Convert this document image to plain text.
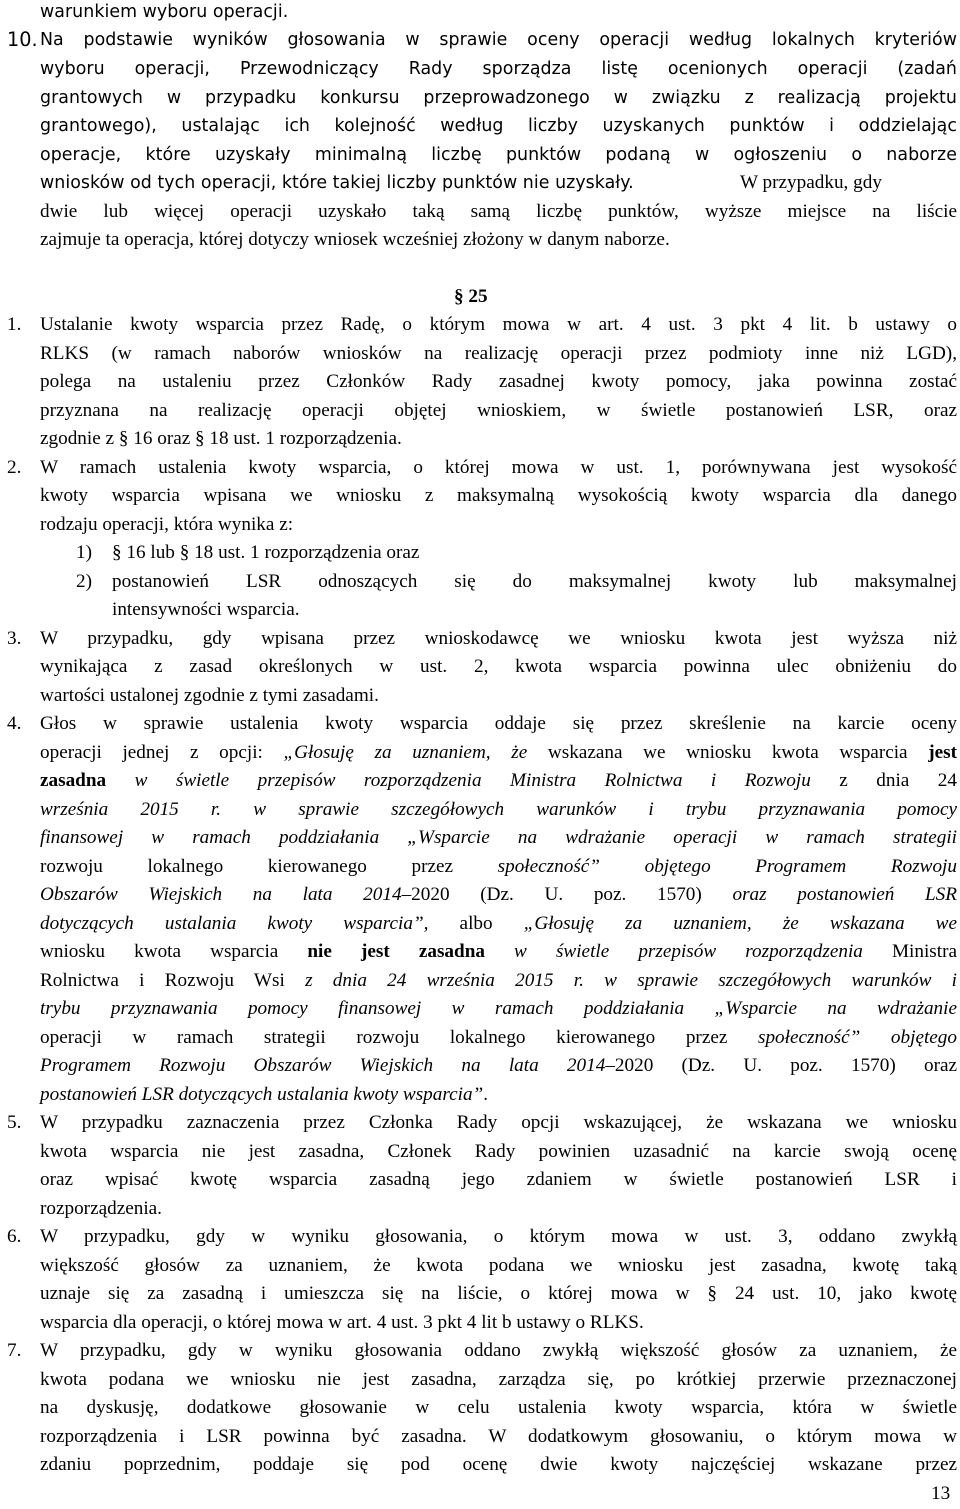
warunkiem wyboru operacji.
10. Na podstawie wyników głosowania w sprawie oceny operacji według lokalnych kryteriów
wyboru operacji, Przewodniczący Rady sporządza listę ocenionych operacji (zadań
grantowych w przypadku konkursu przeprowadzonego w związku z realizacją projektu
grantowego), ustalając ich kolejność według liczby uzyskanych punktów i oddzielając
operacje, które uzyskały minimalną liczbę punktów podaną w ogłoszeniu o naborze
wniosków od tych operacji, które takiej liczby punktów nie uzyskały.	W przypadku, gdy
dwie lub więcej operacji uzyskało taką samą liczbę punktów, wyższe miejsce na liście
zajmuje ta operacja, której dotyczy wniosek wcześniej złożony w danym naborze.
§ 25
1. Ustalanie kwoty wsparcia przez Radę, o którym mowa w art. 4 ust. 3 pkt 4 lit. b ustawy o
RLKS (w ramach naborów wniosków na realizację operacji przez podmioty inne niż LGD),
polega na ustaleniu przez Członków Rady zasadnej kwoty pomocy, jaka powinna zostać
przyznana na realizację operacji objętej wnioskiem, w świetle postanowień LSR, oraz
zgodnie z § 16 oraz § 18 ust. 1 rozporządzenia.
2. W ramach ustalenia kwoty wsparcia, o której mowa w ust. 1, porównywana jest wysokość
kwoty wsparcia wpisana we wniosku z maksymalną wysokością kwoty wsparcia dla danego
rodzaju operacji, która wynika z:
1) § 16 lub § 18 ust. 1 rozporządzenia oraz
2) postanowień LSR odnoszących się do maksymalnej kwoty lub maksymalnej
intensywności wsparcia.
3. W przypadku, gdy wpisana przez wnioskodawcę we wniosku kwota jest wyższa niż
wynikająca z zasad określonych w ust. 2, kwota wsparcia powinna ulec obniżeniu do
wartości ustalonej zgodnie z tymi zasadami.
4. Głos w sprawie ustalenia kwoty wsparcia oddaje się przez skreślenie na karcie oceny
operacji jednej z opcji: „Głosuję za uznaniem, że wskazana we wniosku kwota wsparcia jest
zasadna w świetle przepisów rozporządzenia Ministra Rolnictwa i Rozwoju z dnia 24
września 2015 r. w sprawie szczegółowych warunków i trybu przyznawania pomocy
finansowej w ramach poddziałania „Wsparcie na wdrażanie operacji w ramach strategii
rozwoju lokalnego kierowanego przez społeczność” objętego Programem Rozwoju
Obszarów Wiejskich na lata 2014–2020 (Dz. U. poz. 1570) oraz postanowień LSR
dotyczących ustalania kwoty wsparcia”, albo „Głosuję za uznaniem, że wskazana we
wniosku kwota wsparcia nie jest zasadna w świetle przepisów rozporządzenia Ministra
Rolnictwa i Rozwoju Wsi z dnia 24 września 2015 r. w sprawie szczegółowych warunków i
trybu przyznawania pomocy finansowej w ramach poddziałania „Wsparcie na wdrażanie
operacji w ramach strategii rozwoju lokalnego kierowanego przez społeczność” objętego
Programem Rozwoju Obszarów Wiejskich na lata 2014–2020 (Dz. U. poz. 1570) oraz
postanowień LSR dotyczących ustalania kwoty wsparcia”.
5. W przypadku zaznaczenia przez Członka Rady opcji wskazującej, że wskazana we wniosku
kwota wsparcia nie jest zasadna, Członek Rady powinien uzasadnić na karcie swoją ocenę
oraz wpisać kwotę wsparcia zasadną jego zdaniem w świetle postanowień LSR i
rozporządzenia.
6. W przypadku, gdy w wyniku głosowania, o którym mowa w ust. 3, oddano zwykłą
większość głosów za uznaniem, że kwota podana we wniosku jest zasadna, kwotę taką
uznaje się za zasadną i umieszcza się na liście, o której mowa w § 24 ust. 10, jako kwotę
wsparcia dla operacji, o której mowa w art. 4 ust. 3 pkt 4 lit b ustawy o RLKS.
7. W przypadku, gdy w wyniku głosowania oddano zwykłą większość głosów za uznaniem, że
kwota podana we wniosku nie jest zasadna, zarządza się, po krótkiej przerwie przeznaczonej
na dyskusję, dodatkowe głosowanie w celu ustalenia kwoty wsparcia, która w świetle
rozporządzenia i LSR powinna być zasadna. W dodatkowym głosowaniu, o którym mowa w
zdaniu poprzednim, poddaje się pod ocenę dwie kwoty najczęściej wskazane przez
13
